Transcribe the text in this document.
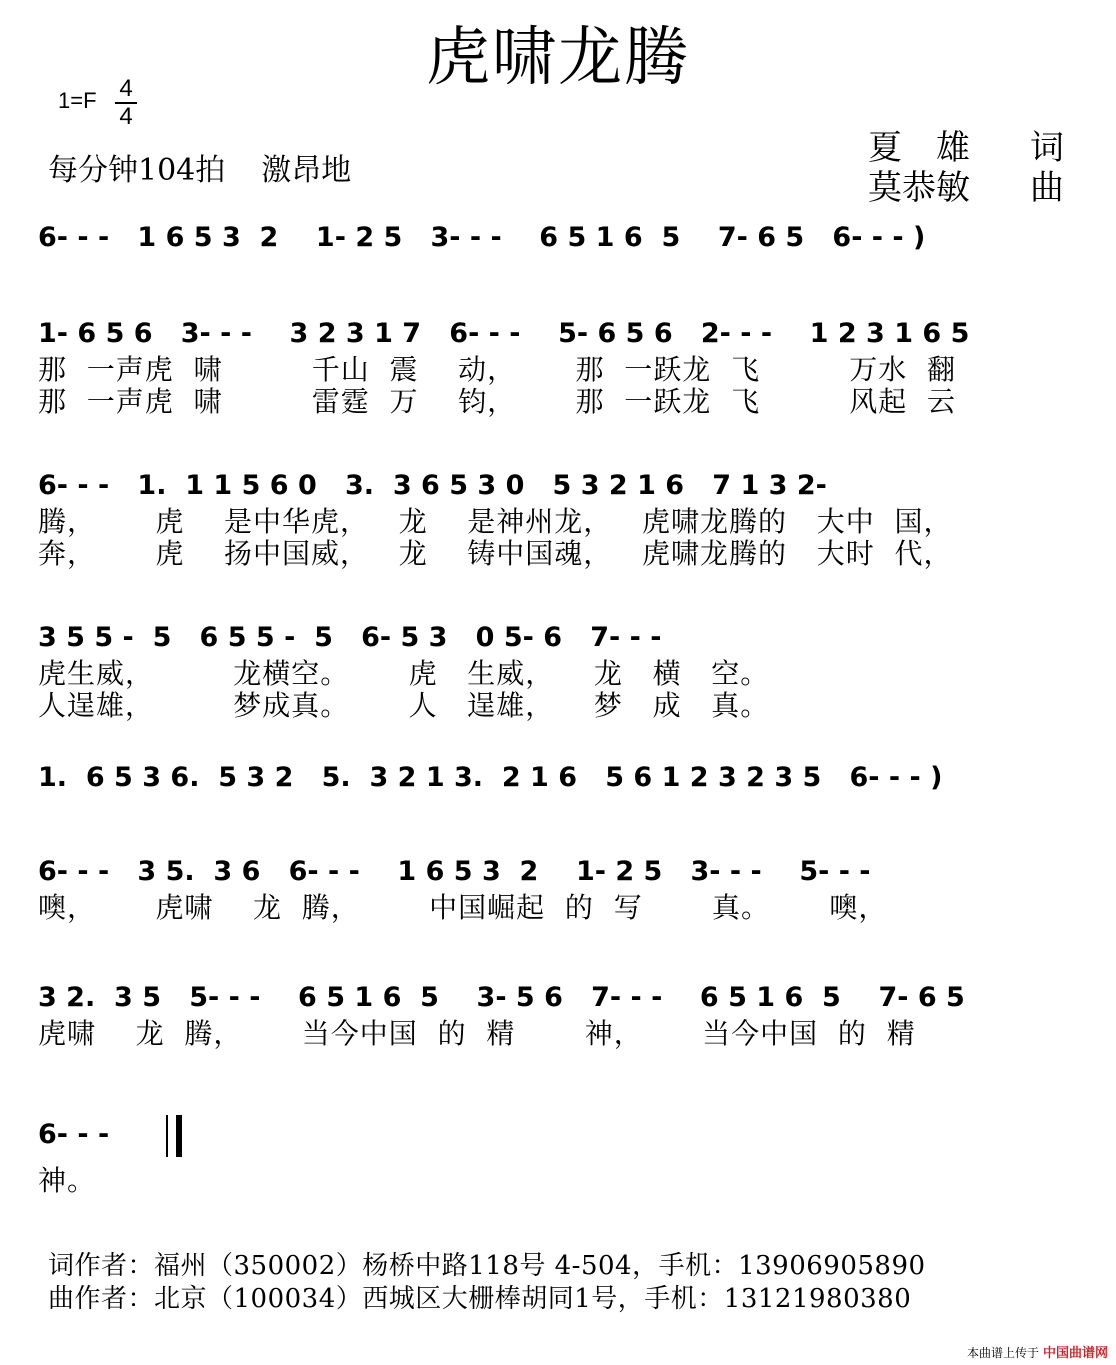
虎啸龙腾
$1=F \frac{4}{4}$
每分钟104拍 激昂地
夏　雄 词
莫恭敏 曲
6- - -   1 6 5 3  2    1- 2 5   3- - -    6 5 1 6  5    7- 6 5   6- - - )
1- 6 5 6   3- - -    3 2 3 1 7   6- - -    5- 6 5 6   2- - -    1 2 3 1 6 5
那  一声虎  啸         千山  震    动，      那  一跃龙  飞         万水  翻
那  一声虎  啸         雷霆  万    钧，      那  一跃龙  飞         风起  云
6- - -   1.  1 1 5 6 0   3.  3 6 5 3 0   5 3 2 1 6   7 1 3 2-
腾，      虎    是中华虎，   龙    是神州龙，   虎啸龙腾的   大中  国，
奔，      虎    扬中国威，   龙    铸中国魂，   虎啸龙腾的   大时  代，
3 5 5 -  5   6 5 5 -  5   6- 5 3   0 5- 6   7- - -
虎生威，        龙横空。      虎   生威，    龙   横   空。
人逞雄，        梦成真。      人   逞雄，    梦   成   真。
1.  6 5 3 6.  5 3 2   5.  3 2 1 3.  2 1 6   5 6 1 2 3 2 3 5   6- - - )
6- - -   3 5.  3 6   6- - -    1 6 5 3  2    1- 2 5   3- - -    5- - -
噢，      虎啸    龙  腾，       中国崛起  的  写       真。      噢，
3 2.  3 5   5- - -    6 5 1 6  5    3- 5 6   7- - -    6 5 1 6  5    7- 6 5
虎啸    龙  腾，      当今中国  的  精       神，      当今中国  的  精
6- - -
神。
词作者：福州（350002）杨桥中路118号 4-504，手机：13906905890
曲作者：北京（100034）西城区大栅棒胡同1号，手机：13121980380
本曲谱上传于 中国曲谱网
